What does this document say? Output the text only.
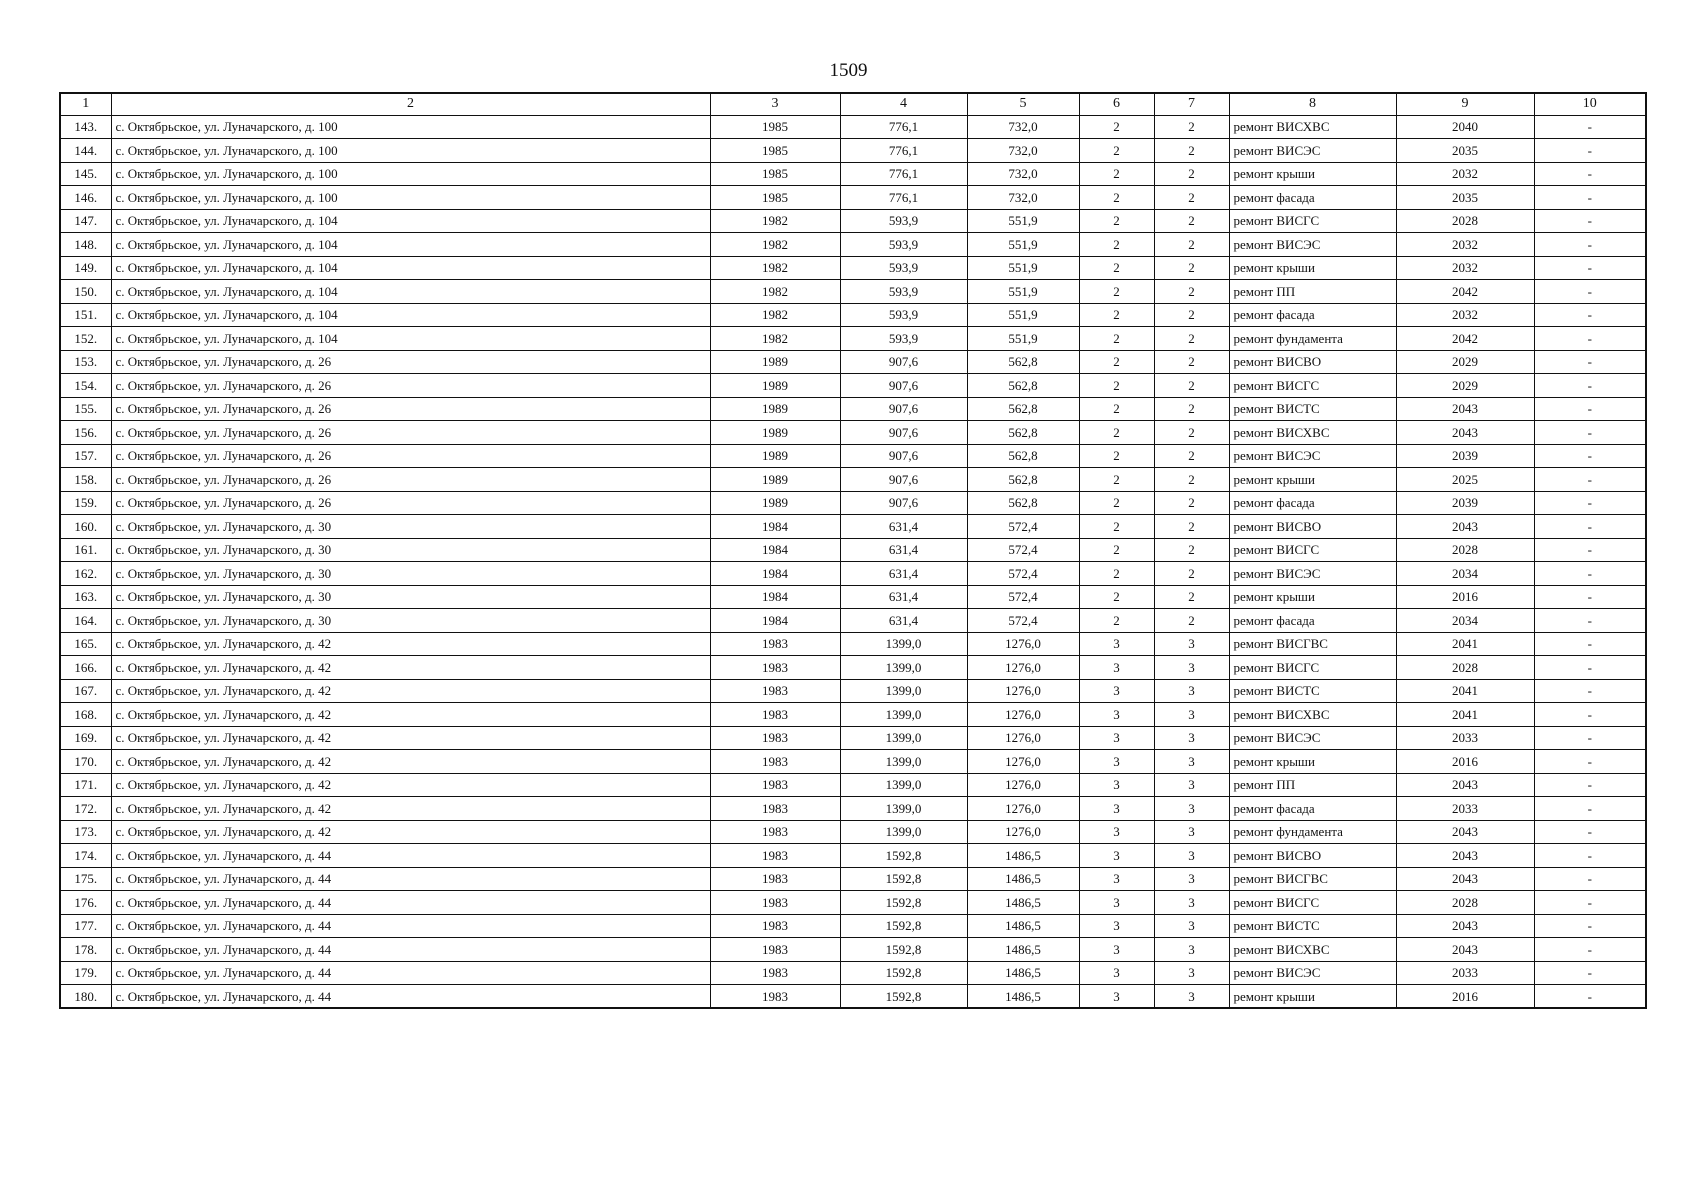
1509
1	2	3	4	5	6	7	8	9	10
143.	с. Октябрьское, ул. Луначарского, д. 100	1985	776,1	732,0	2	2	ремонт ВИСХВС	2040	-
144.	с. Октябрьское, ул. Луначарского, д. 100	1985	776,1	732,0	2	2	ремонт ВИСЭС	2035	-
145.	с. Октябрьское, ул. Луначарского, д. 100	1985	776,1	732,0	2	2	ремонт крыши	2032	-
146.	с. Октябрьское, ул. Луначарского, д. 100	1985	776,1	732,0	2	2	ремонт фасада	2035	-
147.	с. Октябрьское, ул. Луначарского, д. 104	1982	593,9	551,9	2	2	ремонт ВИСГС	2028	-
148.	с. Октябрьское, ул. Луначарского, д. 104	1982	593,9	551,9	2	2	ремонт ВИСЭС	2032	-
149.	с. Октябрьское, ул. Луначарского, д. 104	1982	593,9	551,9	2	2	ремонт крыши	2032	-
150.	с. Октябрьское, ул. Луначарского, д. 104	1982	593,9	551,9	2	2	ремонт ПП	2042	-
151.	с. Октябрьское, ул. Луначарского, д. 104	1982	593,9	551,9	2	2	ремонт фасада	2032	-
152.	с. Октябрьское, ул. Луначарского, д. 104	1982	593,9	551,9	2	2	ремонт фундамента	2042	-
153.	с. Октябрьское, ул. Луначарского, д. 26	1989	907,6	562,8	2	2	ремонт ВИСВО	2029	-
154.	с. Октябрьское, ул. Луначарского, д. 26	1989	907,6	562,8	2	2	ремонт ВИСГС	2029	-
155.	с. Октябрьское, ул. Луначарского, д. 26	1989	907,6	562,8	2	2	ремонт ВИСТС	2043	-
156.	с. Октябрьское, ул. Луначарского, д. 26	1989	907,6	562,8	2	2	ремонт ВИСХВС	2043	-
157.	с. Октябрьское, ул. Луначарского, д. 26	1989	907,6	562,8	2	2	ремонт ВИСЭС	2039	-
158.	с. Октябрьское, ул. Луначарского, д. 26	1989	907,6	562,8	2	2	ремонт крыши	2025	-
159.	с. Октябрьское, ул. Луначарского, д. 26	1989	907,6	562,8	2	2	ремонт фасада	2039	-
160.	с. Октябрьское, ул. Луначарского, д. 30	1984	631,4	572,4	2	2	ремонт ВИСВО	2043	-
161.	с. Октябрьское, ул. Луначарского, д. 30	1984	631,4	572,4	2	2	ремонт ВИСГС	2028	-
162.	с. Октябрьское, ул. Луначарского, д. 30	1984	631,4	572,4	2	2	ремонт ВИСЭС	2034	-
163.	с. Октябрьское, ул. Луначарского, д. 30	1984	631,4	572,4	2	2	ремонт крыши	2016	-
164.	с. Октябрьское, ул. Луначарского, д. 30	1984	631,4	572,4	2	2	ремонт фасада	2034	-
165.	с. Октябрьское, ул. Луначарского, д. 42	1983	1399,0	1276,0	3	3	ремонт ВИСГВС	2041	-
166.	с. Октябрьское, ул. Луначарского, д. 42	1983	1399,0	1276,0	3	3	ремонт ВИСГС	2028	-
167.	с. Октябрьское, ул. Луначарского, д. 42	1983	1399,0	1276,0	3	3	ремонт ВИСТС	2041	-
168.	с. Октябрьское, ул. Луначарского, д. 42	1983	1399,0	1276,0	3	3	ремонт ВИСХВС	2041	-
169.	с. Октябрьское, ул. Луначарского, д. 42	1983	1399,0	1276,0	3	3	ремонт ВИСЭС	2033	-
170.	с. Октябрьское, ул. Луначарского, д. 42	1983	1399,0	1276,0	3	3	ремонт крыши	2016	-
171.	с. Октябрьское, ул. Луначарского, д. 42	1983	1399,0	1276,0	3	3	ремонт ПП	2043	-
172.	с. Октябрьское, ул. Луначарского, д. 42	1983	1399,0	1276,0	3	3	ремонт фасада	2033	-
173.	с. Октябрьское, ул. Луначарского, д. 42	1983	1399,0	1276,0	3	3	ремонт фундамента	2043	-
174.	с. Октябрьское, ул. Луначарского, д. 44	1983	1592,8	1486,5	3	3	ремонт ВИСВО	2043	-
175.	с. Октябрьское, ул. Луначарского, д. 44	1983	1592,8	1486,5	3	3	ремонт ВИСГВС	2043	-
176.	с. Октябрьское, ул. Луначарского, д. 44	1983	1592,8	1486,5	3	3	ремонт ВИСГС	2028	-
177.	с. Октябрьское, ул. Луначарского, д. 44	1983	1592,8	1486,5	3	3	ремонт ВИСТС	2043	-
178.	с. Октябрьское, ул. Луначарского, д. 44	1983	1592,8	1486,5	3	3	ремонт ВИСХВС	2043	-
179.	с. Октябрьское, ул. Луначарского, д. 44	1983	1592,8	1486,5	3	3	ремонт ВИСЭС	2033	-
180.	с. Октябрьское, ул. Луначарского, д. 44	1983	1592,8	1486,5	3	3	ремонт крыши	2016	-
